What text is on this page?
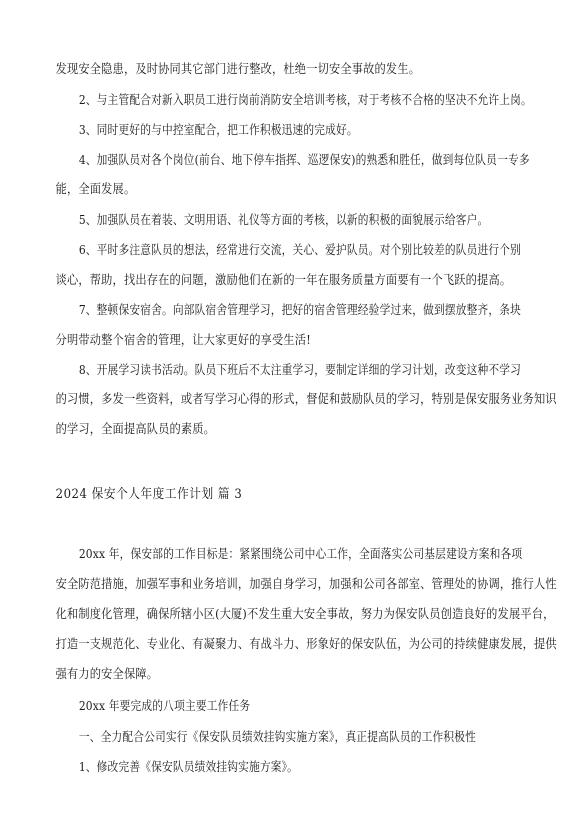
发现安全隐患，及时协同其它部门进行整改，杜绝一切安全事故的发生。
2、与主管配合对新入职员工进行岗前消防安全培训考核，对于考核不合格的坚决不允许上岗。
3、同时更好的与中控室配合，把工作积极迅速的完成好。
4、加强队员对各个岗位(前台、地下停车指挥、巡逻保安)的熟悉和胜任，做到每位队员一专多
能，全面发展。
5、加强队员在着装、文明用语、礼仪等方面的考核，以新的积极的面貌展示给客户。
6、平时多注意队员的想法，经常进行交流，关心、爱护队员。对个别比较差的队员进行个别
谈心，帮助，找出存在的问题，激励他们在新的一年在服务质量方面要有一个飞跃的提高。
7、整顿保安宿舍。向部队宿舍管理学习，把好的宿舍管理经验学过来，做到摆放整齐，条块
分明带动整个宿舍的管理，让大家更好的享受生活!
8、开展学习读书活动。队员下班后不太注重学习，要制定详细的学习计划，改变这种不学习
的习惯，多发一些资料，或者写学习心得的形式，督促和鼓励队员的学习，特别是保安服务业务知识
的学习，全面提高队员的素质。
2024 保安个人年度工作计划 篇 3
20xx 年，保安部的工作目标是：紧紧围绕公司中心工作，全面落实公司基层建设方案和各项
安全防范措施，加强军事和业务培训，加强自身学习，加强和公司各部室、管理处的协调，推行人性
化和制度化管理，确保所辖小区(大厦)不发生重大安全事故，努力为保安队员创造良好的发展平台，
打造一支规范化、专业化、有凝聚力、有战斗力、形象好的保安队伍，为公司的持续健康发展，提供
强有力的安全保障。
20xx 年要完成的八项主要工作任务
一、全力配合公司实行《保安队员绩效挂钩实施方案》，真正提高队员的工作积极性
1、修改完善《保安队员绩效挂钩实施方案》。
